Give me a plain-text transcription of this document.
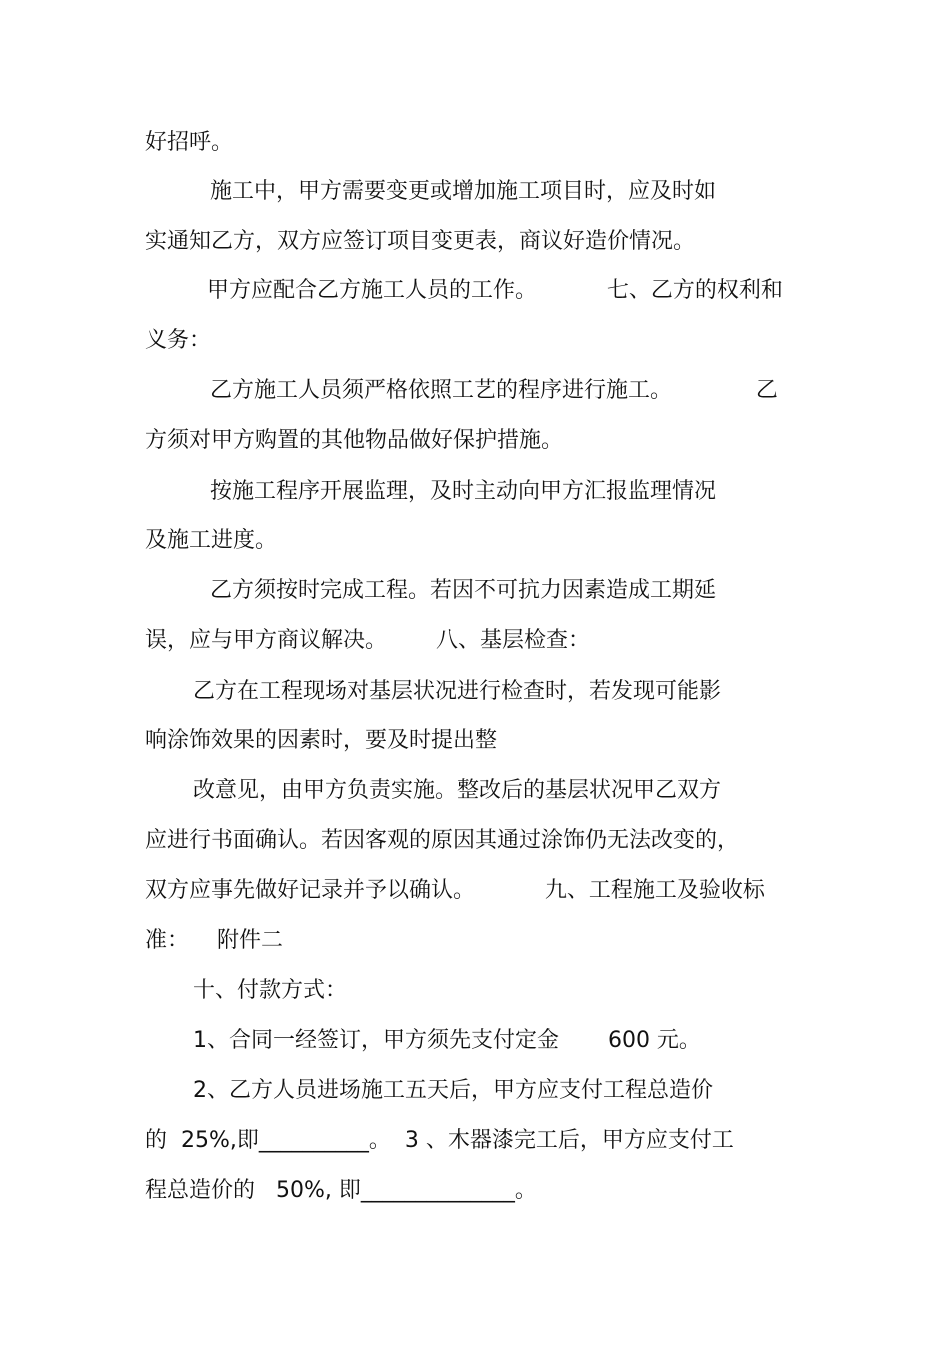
好招呼。
施工中，甲方需要变更或增加施工项目时，应及时如
实通知乙方，双方应签订项目变更表，商议好造价情况。
甲方应配合乙方施工人员的工作。          七、乙方的权利和
义务：
乙方施工人员须严格依照工艺的程序进行施工。            乙
方须对甲方购置的其他物品做好保护措施。
按施工程序开展监理，及时主动向甲方汇报监理情况
及施工进度。
乙方须按时完成工程。若因不可抗力因素造成工期延
误，应与甲方商议解决。       八、基层检查：
乙方在工程现场对基层状况进行检查时，若发现可能影
响涂饰效果的因素时，要及时提出整
改意见，由甲方负责实施。整改后的基层状况甲乙双方
应进行书面确认。若因客观的原因其通过涂饰仍无法改变的，
双方应事先做好记录并予以确认。          九、工程施工及验收标
准：    附件二
十、付款方式：
1、合同一经签订，甲方须先支付定金       600 元。
2、乙方人员进场施工五天后，甲方应支付工程总造价
的  25%,即__________。  3 、木器漆完工后，甲方应支付工
程总造价的   50%, 即______________。
